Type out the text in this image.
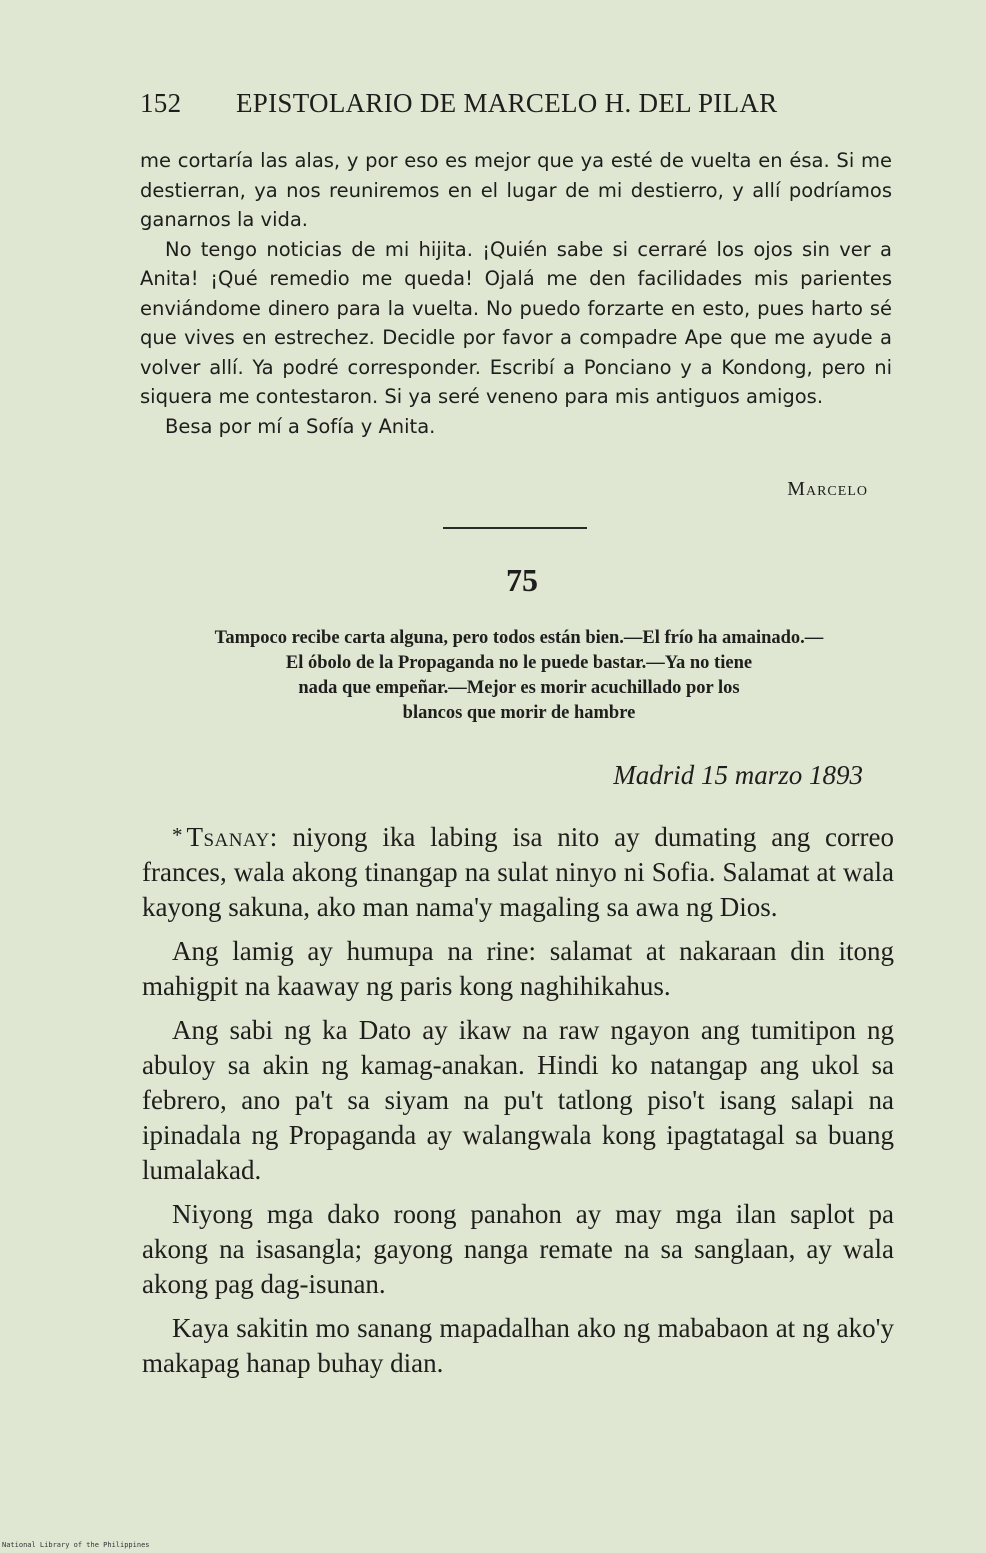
152 EPISTOLARIO DE MARCELO H. DEL PILAR

me cortaría las alas, y por eso es mejor que ya esté de vuelta en ésa. Si me destierran, ya nos reuniremos en el lugar de mi destierro, y allí podríamos ganarnos la vida.

No tengo noticias de mi hijita. ¡Quién sabe si cerraré los ojos sin ver a Anita! ¡Qué remedio me queda! Ojalá me den facilidades mis parientes enviándome dinero para la vuelta. No puedo forzarte en esto, pues harto sé que vives en estrechez. Decidle por favor a compadre Ape que me ayude a volver allí. Ya podré corresponder. Escribí a Ponciano y a Kondong, pero ni siquera me contestaron. Si ya seré veneno para mis antiguos amigos.

Besa por mí a Sofía y Anita.

Marcelo
75

Tampoco recibe carta alguna, pero todos están bien.—El frío ha amainado.—

El óbolo de la Propaganda no le puede bastar.—Ya no tiene

nada que empeñar.—Mejor es morir acuchillado por los

blancos que morir de hambre

Madrid 15 marzo 1893

* Tsanay: niyong ika labing isa nito ay dumating ang correo frances, wala akong tinangap na sulat ninyo ni Sofia. Salamat at wala kayong sakuna, ako man nama'y magaling sa awa ng Dios.

Ang lamig ay humupa na rine: salamat at nakaraan din itong mahigpit na kaaway ng paris kong naghihikahus.

Ang sabi ng ka Dato ay ikaw na raw ngayon ang tumitipon ng abuloy sa akin ng kamag-anakan. Hindi ko natangap ang ukol sa febrero, ano pa't sa siyam na pu't tatlong piso't isang salapi na ipinadala ng Propaganda ay walangwala kong ipagtatagal sa buang lumalakad.

Niyong mga dako roong panahon ay may mga ilan saplot pa akong na isasangla; gayong nanga remate na sa sanglaan, ay wala akong pag dag-isunan.

Kaya sakitin mo sanang mapadalhan ako ng mababaon at ng ako'y makapag hanap buhay dian.

National Library of the Philippines
